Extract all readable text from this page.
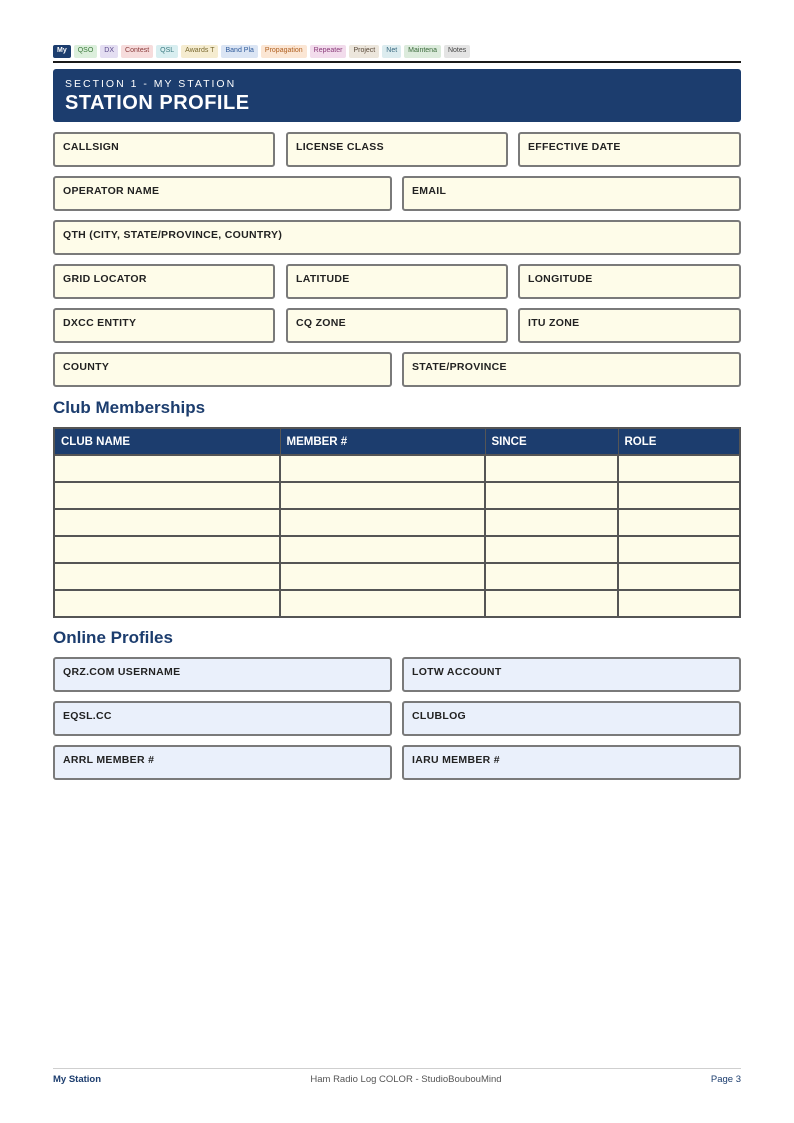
My	QSO	DX	Contest	QSL	Awards T	Band Pla	Propagation	Repeater	Project	Net	Maintena	Notes
SECTION 1 - MY STATION
STATION PROFILE
CALLSIGN	LICENSE CLASS	EFFECTIVE DATE
OPERATOR NAME	EMAIL
QTH (CITY, STATE/PROVINCE, COUNTRY)
GRID LOCATOR	LATITUDE	LONGITUDE
DXCC ENTITY	CQ ZONE	ITU ZONE
COUNTY	STATE/PROVINCE
Club Memberships
CLUB NAME	MEMBER #	SINCE	ROLE

Online Profiles
QRZ.COM USERNAME	LOTW ACCOUNT
EQSL.CC	CLUBLOG
ARRL MEMBER #	IARU MEMBER #
My Station	Ham Radio Log COLOR - StudioBoubouMind	Page 3
